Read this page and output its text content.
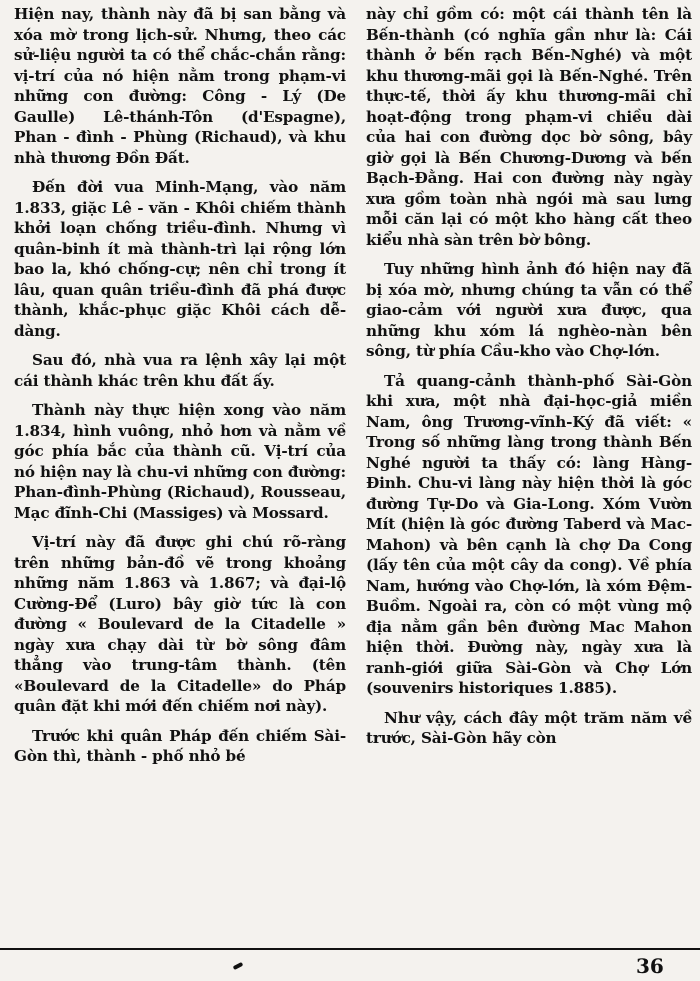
Hiện nay, thành này đã bị san bằng và xóa mờ trong lịch-sử. Nhưng, theo các sử-liệu người ta có thể chắc-chắn rằng: vị-trí của nó hiện nằm trong phạm-vi những con đường: Công - Lý (De Gaulle) Lê-thánh-Tôn (d'Espagne), Phan - đình - Phùng (Richaud), và khu nhà thương Đồn Đất.

Đến đời vua Minh-Mạng, vào năm 1.833, giặc Lê - văn - Khôi chiếm thành khởi loạn chống triều-đình. Nhưng vì quân-binh ít mà thành-trì lại rộng lớn bao la, khó chống-cự; nên chỉ trong ít lâu, quan quân triều-đình đã phá được thành, khắc-phục giặc Khôi cách dễ-dàng.

Sau đó, nhà vua ra lệnh xây lại một cái thành khác trên khu đất ấy.

Thành này thực hiện xong vào năm 1.834, hình vuông, nhỏ hơn và nằm về góc phía bắc của thành cũ. Vị-trí của nó hiện nay là chu-vi những con đường: Phan-đình-Phùng (Richaud), Rousseau, Mạc đĩnh-Chi (Massiges) và Mossard.

Vị-trí này đã được ghi chú rõ-ràng trên những bản-đồ vẽ trong khoảng những năm 1.863 và 1.867; và đại-lộ Cường-Để (Luro) bây giờ tức là con đường « Boulevard de la Citadelle » ngày xưa chạy dài từ bờ sông đâm thẳng vào trung-tâm thành. (tên «Boulevard de la Citadelle» do Pháp quân đặt khi mới đến chiếm nơi này).

Trước khi quân Pháp đến chiếm Sài-Gòn thì, thành - phố nhỏ bé

này chỉ gồm có: một cái thành tên là Bến-thành (có nghĩa gần như là: Cái thành ở bến rạch Bến-Nghé) và một khu thương-mãi gọi là Bến-Nghé. Trên thực-tế, thời ấy khu thương-mãi chỉ hoạt-động trong phạm-vi chiều dài của hai con đường dọc bờ sông, bây giờ gọi là Bến Chương-Dương và bến Bạch-Đằng. Hai con đường này ngày xưa gồm toàn nhà ngói mà sau lưng mỗi căn lại có một kho hàng cất theo kiểu nhà sàn trên bờ bông.

Tuy những hình ảnh đó hiện nay đã bị xóa mờ, nhưng chúng ta vẫn có thể giao-cảm với người xưa được, qua những khu xóm lá nghèo-nàn bên sông, từ phía Cầu-kho vào Chợ-lớn.

Tả quang-cảnh thành-phố Sài-Gòn khi xưa, một nhà đại-học-giả miền Nam, ông Trương-vĩnh-Ký đã viết: « Trong số những làng trong thành Bến Nghé người ta thấy có: làng Hàng-Đinh. Chu-vi làng này hiện thời là góc đường Tự-Do và Gia-Long. Xóm Vườn Mít (hiện là góc đường Taberd và Mac-Mahon) và bên cạnh là chợ Da Cong (lấy tên của một cây da cong). Về phía Nam, hướng vào Chợ-lớn, là xóm Đệm-Buồm. Ngoài ra, còn có một vùng mộ địa nằm gần bên đường Mac Mahon hiện thời. Đường này, ngày xưa là ranh-giới giữa Sài-Gòn và Chợ Lớn (souvenirs historiques 1.885).

Như vậy, cách đây một trăm năm về trước, Sài-Gòn hãy còn

36
